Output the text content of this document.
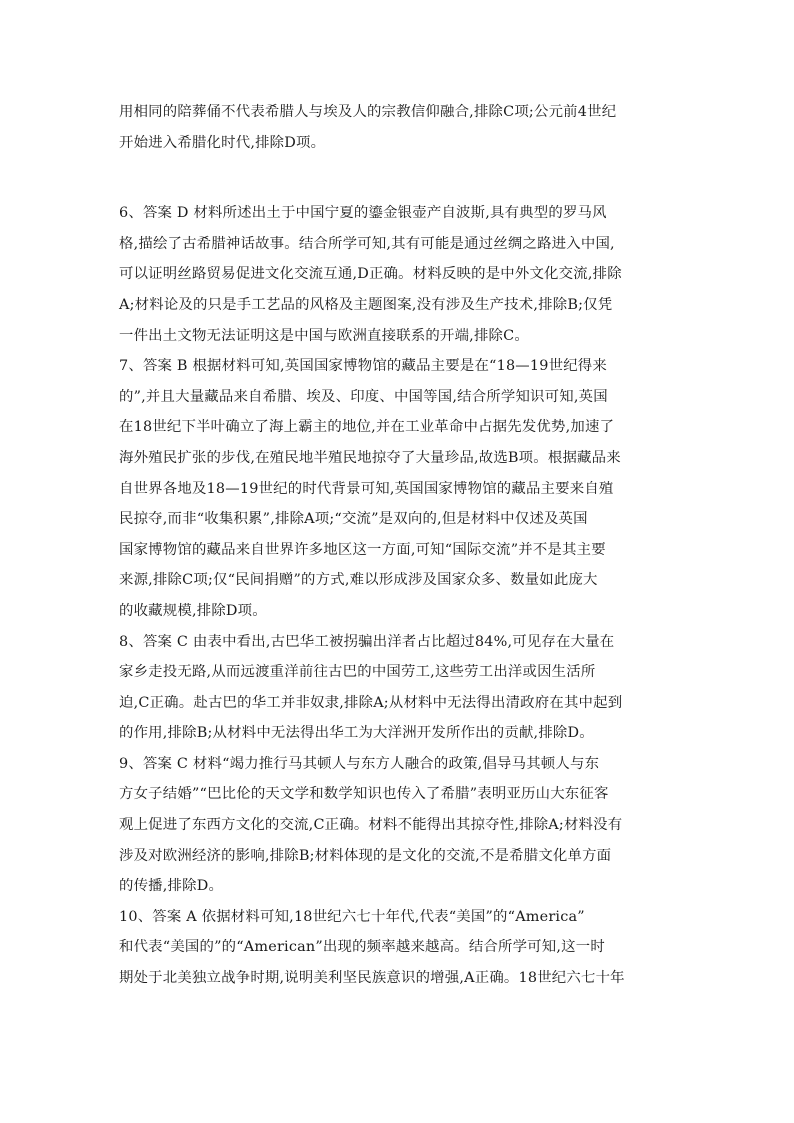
用相同的陪葬俑不代表希腊人与埃及人的宗教信仰融合,排除C项;公元前4世纪
开始进入希腊化时代,排除D项。
6、答案 D 材料所述出土于中国宁夏的鎏金银壶产自波斯,具有典型的罗马风
格,描绘了古希腊神话故事。结合所学可知,其有可能是通过丝绸之路进入中国,
可以证明丝路贸易促进文化交流互通,D正确。材料反映的是中外文化交流,排除
A;材料论及的只是手工艺品的风格及主题图案,没有涉及生产技术,排除B;仅凭
一件出土文物无法证明这是中国与欧洲直接联系的开端,排除C。
7、答案 B 根据材料可知,英国国家博物馆的藏品主要是在“18—19世纪得来
的”,并且大量藏品来自希腊、埃及、印度、中国等国,结合所学知识可知,英国
在18世纪下半叶确立了海上霸主的地位,并在工业革命中占据先发优势,加速了
海外殖民扩张的步伐,在殖民地半殖民地掠夺了大量珍品,故选B项。根据藏品来
自世界各地及18—19世纪的时代背景可知,英国国家博物馆的藏品主要来自殖
民掠夺,而非“收集积累”,排除A项;“交流”是双向的,但是材料中仅述及英国
国家博物馆的藏品来自世界许多地区这一方面,可知“国际交流”并不是其主要
来源,排除C项;仅“民间捐赠”的方式,难以形成涉及国家众多、数量如此庞大
的收藏规模,排除D项。
8、答案 C 由表中看出,古巴华工被拐骗出洋者占比超过84%,可见存在大量在
家乡走投无路,从而远渡重洋前往古巴的中国劳工,这些劳工出洋或因生活所
迫,C正确。赴古巴的华工并非奴隶,排除A;从材料中无法得出清政府在其中起到
的作用,排除B;从材料中无法得出华工为大洋洲开发所作出的贡献,排除D。
9、答案 C 材料“竭力推行马其顿人与东方人融合的政策,倡导马其顿人与东
方女子结婚”“巴比伦的天文学和数学知识也传入了希腊”表明亚历山大东征客
观上促进了东西方文化的交流,C正确。材料不能得出其掠夺性,排除A;材料没有
涉及对欧洲经济的影响,排除B;材料体现的是文化的交流,不是希腊文化单方面
的传播,排除D。
10、答案 A 依据材料可知,18世纪六七十年代,代表“美国”的“America”
和代表“美国的”的“American”出现的频率越来越高。结合所学可知,这一时
期处于北美独立战争时期,说明美利坚民族意识的增强,A正确。18世纪六七十年
